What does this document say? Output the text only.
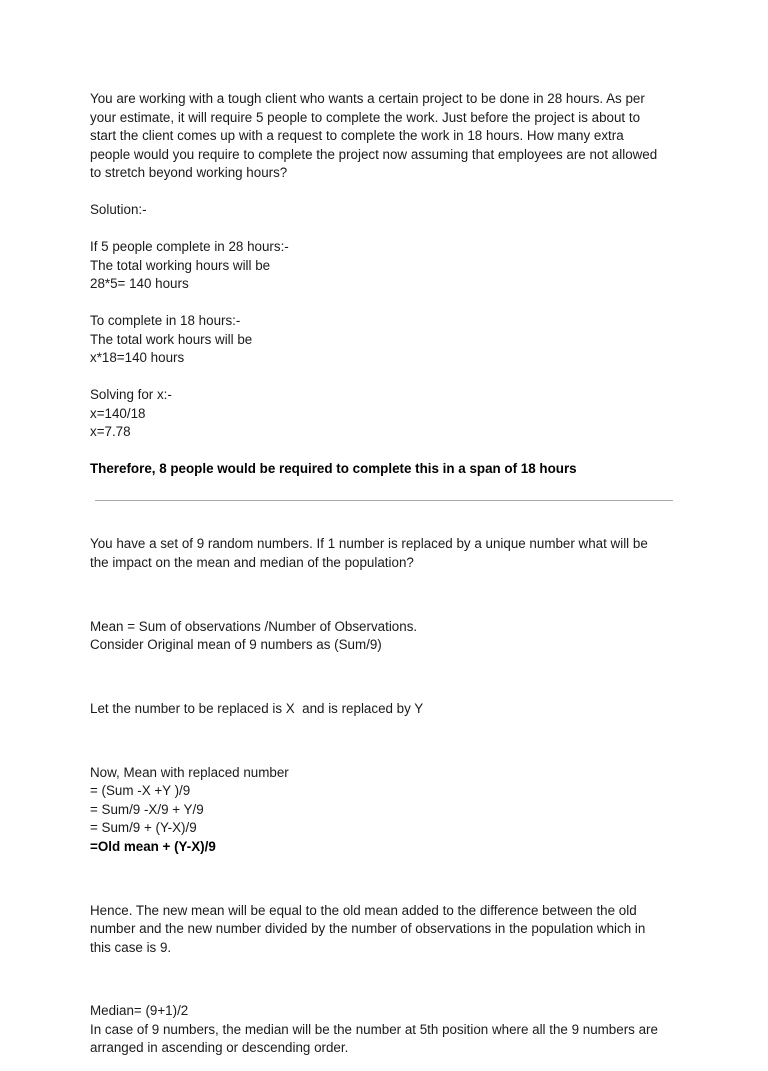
You are working with a tough client who wants a certain project to be done in 28 hours. As per
your estimate, it will require 5 people to complete the work. Just before the project is about to
start the client comes up with a request to complete the work in 18 hours. How many extra
people would you require to complete the project now assuming that employees are not allowed
to stretch beyond working hours?

Solution:-

If 5 people complete in 28 hours:-
The total working hours will be
28*5= 140 hours

To complete in 18 hours:-
The total work hours will be
x*18=140 hours

Solving for x:-
x=140/18
x=7.78

Therefore, 8 people would be required to complete this in a span of 18 hours

You have a set of 9 random numbers. If 1 number is replaced by a unique number what will be
the impact on the mean and median of the population?

Mean = Sum of observations /Number of Observations.
Consider Original mean of 9 numbers as (Sum/9)

Let the number to be replaced is X  and is replaced by Y

Now, Mean with replaced number
= (Sum -X +Y )/9
= Sum/9 -X/9 + Y/9
= Sum/9 + (Y-X)/9
=Old mean + (Y-X)/9

Hence. The new mean will be equal to the old mean added to the difference between the old
number and the new number divided by the number of observations in the population which in
this case is 9.

Median= (9+1)/2
In case of 9 numbers, the median will be the number at 5th position where all the 9 numbers are
arranged in ascending or descending order.
